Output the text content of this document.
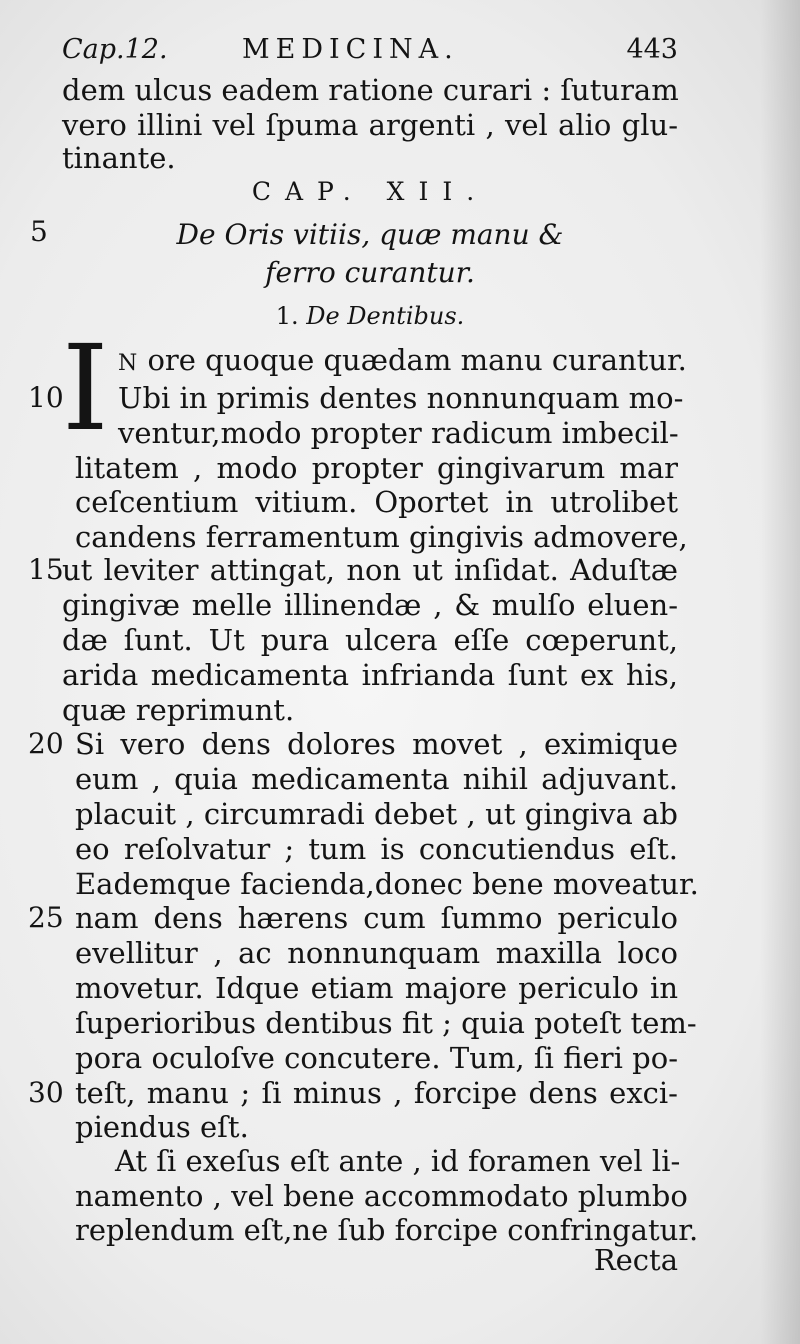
Cap.12.	MEDICINA.	443
dem ulcus eadem ratione curari : ſuturam
vero illini vel ſpuma argenti , vel alio glu-
tinante.
CAP. XII.
5	De Oris vitiis, quæ manu &
ferro curantur.
1. De Dentibus.
I N ore quoque quædam manu curantur.
10 Ubi in primis dentes nonnunquam mo-
ventur,modo propter radicum imbecil-
litatem , modo propter gingivarum mar
ceſcentium vitium. Oportet in utrolibet
candens ferramentum gingivis admovere,
15
ut leviter attingat, non ut inſidat. Aduſtæ
gingivæ melle illinendæ , & mulſo eluen-
dæ ſunt. Ut pura ulcera eſſe cœperunt,
arida medicamenta infrianda ſunt ex his,
quæ reprimunt.
20 Si vero dens dolores movet , eximique
eum , quia medicamenta nihil adjuvant.
placuit , circumradi debet , ut gingiva ab
eo reſolvatur ; tum is concutiendus eſt.
Eademque facienda,donec bene moveatur.
25 nam dens hærens cum ſummo periculo
evellitur , ac nonnunquam maxilla loco
movetur. Idque etiam majore periculo in
ſuperioribus dentibus fit ; quia poteſt tem-
pora oculoſve concutere. Tum, ſi fieri po-
30 teſt, manu ; ſi minus , forcipe dens exci-
piendus eſt.
At ſi exeſus eſt ante , id foramen vel li-
namento , vel bene accommodato plumbo
replendum eſt,ne ſub forcipe confringatur.
Recta
